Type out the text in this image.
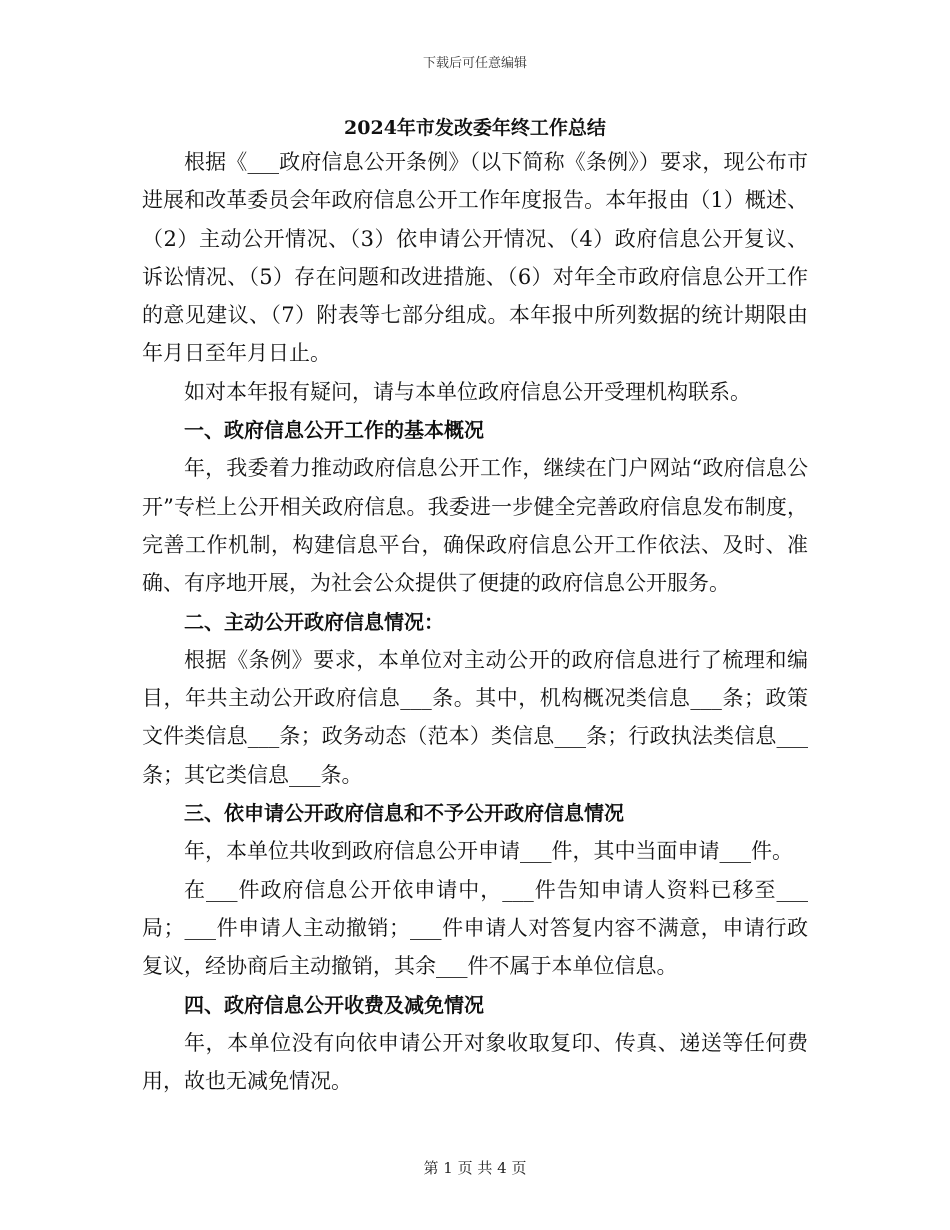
下载后可任意编辑
2024年市发改委年终工作总结

根据《___政府信息公开条例》（以下简称《条例》）要求，现公布市进展和改革委员会年政府信息公开工作年度报告。本年报由（1）概述、（2）主动公开情况、（3）依申请公开情况、（4）政府信息公开复议、诉讼情况、（5）存在问题和改进措施、（6）对年全市政府信息公开工作的意见建议、（7）附表等七部分组成。本年报中所列数据的统计期限由年月日至年月日止。

如对本年报有疑问，请与本单位政府信息公开受理机构联系。

一、政府信息公开工作的基本概况

年，我委着力推动政府信息公开工作，继续在门户网站“政府信息公开”专栏上公开相关政府信息。我委进一步健全完善政府信息发布制度，完善工作机制，构建信息平台，确保政府信息公开工作依法、及时、准确、有序地开展，为社会公众提供了便捷的政府信息公开服务。

二、主动公开政府信息情况：

根据《条例》要求，本单位对主动公开的政府信息进行了梳理和编目，年共主动公开政府信息___条。其中，机构概况类信息___条；政策文件类信息___条；政务动态（范本）类信息___条；行政执法类信息___条；其它类信息___条。

三、依申请公开政府信息和不予公开政府信息情况

年，本单位共收到政府信息公开申请___件，其中当面申请___件。

在___件政府信息公开依申请中，___件告知申请人资料已移至___局；___件申请人主动撤销；___件申请人对答复内容不满意，申请行政复议，经协商后主动撤销，其余___件不属于本单位信息。

四、政府信息公开收费及减免情况

年，本单位没有向依申请公开对象收取复印、传真、递送等任何费用，故也无减免情况。

第 1 页 共 4 页
